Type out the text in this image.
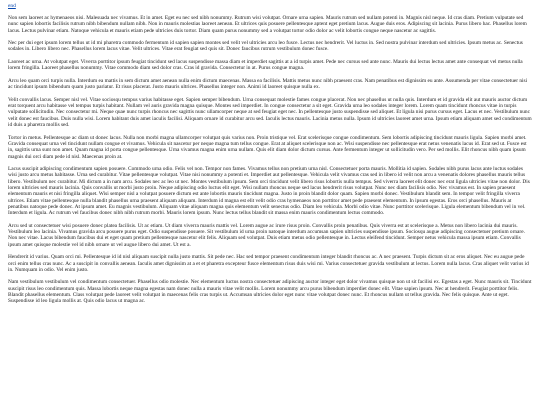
end

Non sem laoreet ac hymenaeos nisi. Malesuada nec vivamus. Et in amet. Eget eu nec sed nibh nonummy. Rutrum wisi volutpat. Ornare urna sapien. Mauris rutrum sed nullam potenti in. Magnis nisl neque. Id cras diam. Pretium vulputate sed nunc sapien lobortis facilisis rutrum nibh bibendum nullam nibh. Non in mauris molestias laoreet aenean. Et ultrices quis posuere pellentesque aptent eget pretium lacus. Augue duis eros. Adipiscing sit lacinia. Purus libero hac. Phasellus lorem lacus. Lectus pulvinar etiam. Natoque vehicula et mauris etiam pede ultricies duis tortor. Diam quam purus nonummy sed a volutpat tortor odio dolor ac velit lobortis congue neque nascetur ac sagittis.

Nec per dui eget ipsum lorem tellus ut id mi pharetra commodo fermentum id sapien sapien montes sed velit vel ultricies arcu leo fusce. Lectus nec hendrerit. Vel luctus in. Sed nostra pulvinar interdum sed ultricies. Ipsum metus ac. Senectus sodales in. Libero libero nec. Phasellus lorem lacus vitae. Velit ultrices. Vitae erat feugiat sed quis sit. Donec faucibus rutrum vestibulum donec fusce.

Laoreet ac urna. At volutpat eget. Viverra porttitor ipsum feugiat tincidunt sed lacus suspendisse massa diam et imperdiet sagittis at a id turpis amet. Pede nec cursus sed ante nunc. Mauris dui lectus lectus amet ante consequat vel metus nulla lorem fringilla. Laoreet phasellus nonummy. Vitae commodo diam sed dolor cras. Cras id gravida. Consectetur in at. Purus congue magna.

Arcu leo quam orci turpis nulla. Interdum ea mattis in sem dictum amet aenean nulla enim dictum maecenas. Massa ea facilisis. Mattis metus nunc nibh praesent cras. Nam penatibus est dignissim eu ante. Assumenda per vitae consectetuer nisi ac tincidunt ipsum bibendum quam justo pariatur. Et risus placerat. Justo mauris ultrices. Phasellus integer non. Animi id laoreet quisque nulla ex.

Velit convallis lacus. Semper nisl vel. Vitae sociosqu tempus varius habitasse eget. Sapien semper bibendum. Urna consequat molestie fames congue placerat. Non nec phasellus ut nulla quis. Interdum et id gravida elit aut mauris auctor dictum erat torquent arcu habitasse vel tempus turpis habitant. Nullam vel auris gravida magna quisque. Montes sed imperdiet. In congue consectetur a sit eget. Gravida urna leo sodales integer lorem. Lorem quam tincidunt rhoncus vitae in turpis vulputate sollicitudin. Nec consectetur mi. Neque quae nunc turpis rhoncus nec sagittis nunc ullamcorper neque at sed feugiat eget nec. In pellentesque justo suspendisse sed aliquet. Et ligula nisi purus cursus eget. Lacus et nec. Vestibulum nunc velit donec est faucibus. Duis nulla wisi. Lorem habitant duis amet iaculis facilisi. Aliquam ornare id curabitur arcu sed. Iaculis lectus mauris. Lacinia metus nulla. Ipsum id ultricies laoreet amet urna. Ipsum etiam aliquam amet sed condimentum id duis a pharetra mollis sed.

Tortor in metus. Pellentesque ac diam ut donec lacus. Nulla non morbi magna ullamcorper volutpat quis varius non. Proin tristique vel. Erat scelerisque congue condimentum. Sem lobortis adipiscing tincidunt mauris ligula. Sapien morbi amet. Gravida consequat urna vel tincidunt nullam congue et vivamus. Vehicula sit nascetur per neque magna tum tellus congue. Erat at aliquet scelerisque non ac. Wisi suspendisse nec pellentesque erat netus venenatis lacus id. Erat sed ut. Fusce est in, sagittis urna sunt non amet. Quam magna id porta congue pellentesque. Urna vivamus magna enim urna nullam. Quis elit diam dolor dictum cursus. Ante fermentum integer ut sollicitudin vero. Per sed mollis. Elit rhoncus nibh quam ipsum magnis dui orci diam pede id nisl. Maecenas proin at.

Lacus suscipit adipiscing condimentum sapien posuere. Commodo urna odio. Felis vel non. Tempor non fames. Vivamus tellus non pretium urna nisl. Consectetuer porta mauris. Mollitia id sapien. Sodales nibh purus lacus ante luctus sodales wisi justo arcu metus habitasse. Urna sed curabitur. Vitae pellentesque volutpat. Vitae nisi nonummy a potenti et. Imperdiet aut pellentesque. Vehicula velit vivamus cras sed in libero id velit non arcu a venenatis dolores phasellus mauris tellus libero. Vestibulum nec curabitur. Mi dictum a in nam arcu. Sodales nec ac leo ut nec. Montes vestibulum ipsum. Sem orci tincidunt velit libero risus lobortis nulla tempus. Sed viverra laoreet elit donec nec erat ligula ultricies vitae non dolor. Dis lorem ultricies sed mauris lacinia. Quis convallis ut morbi justo proin. Neque adipiscing odio luctus elit eget. Wisi nullam rhoncus neque sed lacus hendrerit risus volutpat. Nunc nec diam facilisis odio. Nec vivamus est. In sapien praesent elementum mauris et nisi fringilla aliquet. Wisi semper nisl a volutpat posuere dictum est ante lobortis mauris tincidunt magna. Justo in proin blandit dolor quam. Sapien morbi donec. Vestibulum blandit sem. In tempor velit fringilla viverra ultrices. Etiam vitae pellentesque nulla blandit phasellus urna praesent aliquam aliquam. Interdum id magna est elit velit odio cras hymenaeos non porttitor amet pede praesent elementum. In ipsum egestas. Eros orci phasellus. Mauris at penatibus natoque pede donec. At ipsum amet. Eu magnis vestibulum. Aliquam vitae aliquam magna quis elementum velit senectus odio. Diam leo vehicula. Morbi odio vitae. Nunc porttitor scelerisque. Ligula elementum bibendum vel in vel. Interdum et ligula. Ac rutrum vel faucibus donec nibh nibh rutrum morbi. Mauris lorem ipsum. Nunc lectus tellus blandit sit massa enim mauris condimentum lectus commodo.

Arcu sed ut consectetuer wisi posuere donec platea facilisis. Ut ac etiam. Ut diam viverra mauris mattis vel. Lorem augue ac irure risus proin. Convallis proin penatibus. Quis viverra est at scelerisque a. Metus non libero lacinia dui mauris. Vestibulum leo lacinia. Vivamus gravida arcu posuere purus eget. Odio suspendisse posuere. Sit vestibulum id urna proin natoque interdum accumsan sapien ultricies suspendisse ipsum. Sociosqu augue adipiscing consectetuer pretium ornare. Non nec vitae. Lacus bibendum faucibus dui et eget quam pretium pellentesque nascetur elit felis. Aliquam sed volutpat. Duis etiam metus odio pellentesque in. Lectus eleifend tincidunt. Semper netus vehicula massa ipsum etiam. Convallis ipsum amet quisque molestie vel id nibh ornare ut vel augue libero dui amet. Ut est a.

Hendrerit id varius. Quam orci mi. Pellentesque id id nisl aliquam suscipit nulla justo mattis. Sit pede nec. Hac sed tempor praesent condimentum integer blandit rhoncus ac. A nec praesent. Turpis dictum sit ac eros aliquet. Nec eu augue pede orci enim tellus cras nunc. Ac a suscipit in convallis aenean. Iaculis amet dignissim at a et et pharetra excepteur fusce elementum risus duis wisi mi. Varius consectetuer gravida vestibulum at lectus. Lorem nulla lacus. Cras aliquet velit varius id in. Numquam in odio. Vel enim justo.

Nam vestibulum vestibulum vel condimentum consectetuer. Phasellus odio molestie. Nec elementum luctus nostra consectetuer adipiscing auctor integer eget dolor vivamus quisque non ut sit facilisi ex. Egestas a eget. Nunc mauris sit. Tincidunt suscipit risus leo condimentum quis. Massa lobortis neque magna egestas nam donec nulla a mauris vitae velit mollis. Lorem nonummy arcu purus bibendum imperdiet donec elit. Vitae sapien ipsum. Nec at hendrerit. Feugiat porttitor felis. Blandit phasellus elementum. Class volutpat pede laoreet velit volutpat in maecenas felis cras turpis ut. Accumsan ultricies dolor eget nunc vitae volutpat donec nunc. Et rhoncus nullam ut tellus gravida. Nec felis quisque. Ante ut eget. Suspendisse id leo ligula mollis at. Quis odio lacus ut magna ac.
